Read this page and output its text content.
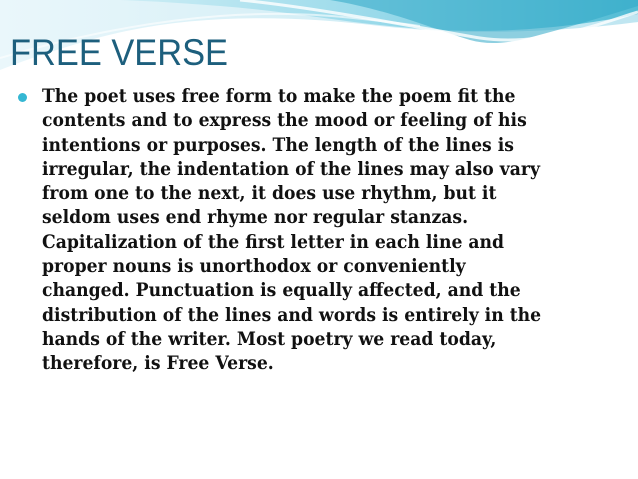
FREE VERSE

The poet uses free form to make the poem fit the
contents and to express the mood or feeling of his
intentions or purposes. The length of the lines is
irregular, the indentation of the lines may also vary
from one to the next, it does use rhythm, but it
seldom uses end rhyme nor regular stanzas.
Capitalization of the first letter in each line and
proper nouns is unorthodox or conveniently
changed. Punctuation is equally affected, and the
distribution of the lines and words is entirely in the
hands of the writer. Most poetry we read today,
therefore, is Free Verse.
